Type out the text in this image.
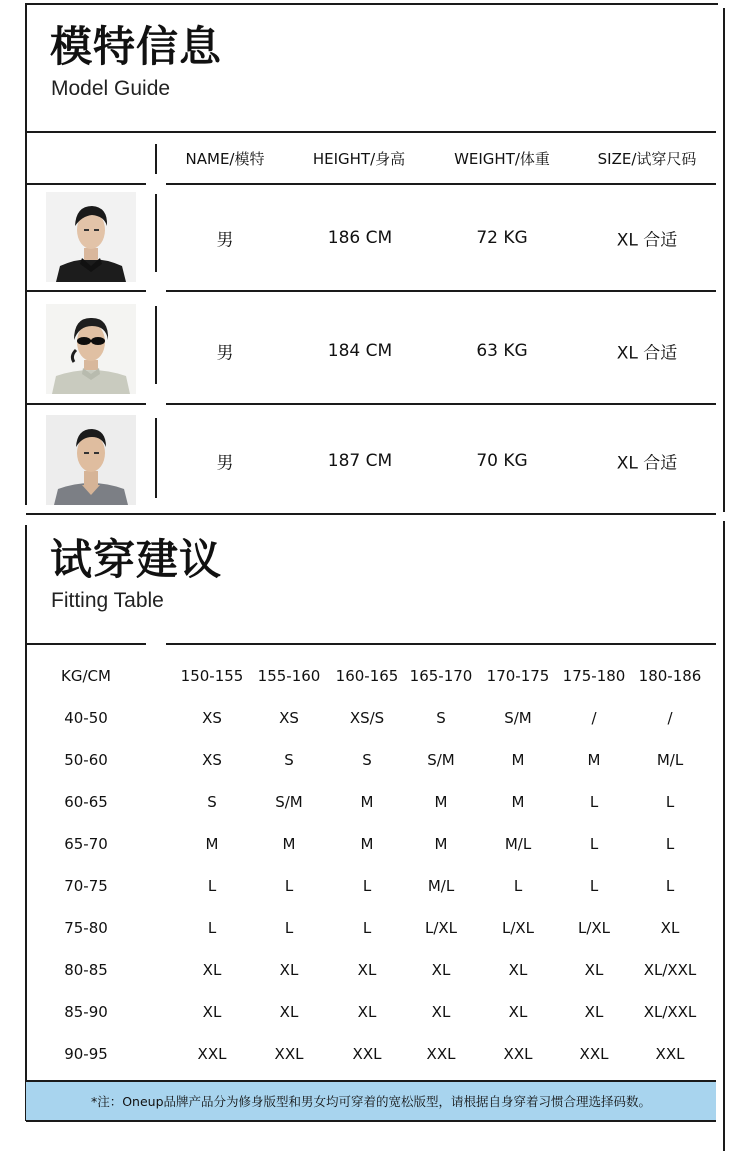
模特信息
Model Guide
NAME/模特	HEIGHT/身高	WEIGHT/体重	SIZE/试穿尺码
男	186 CM	72 KG	XL 合适
男	184 CM	63 KG	XL 合适
男	187 CM	70 KG	XL 合适
试穿建议
Fitting Table
KG/CM	150-155 155-160 160-165 165-170 170-175 175-180 180-186
40-50	XS	XS	XS/S	S	S/M	/	/
50-60	XS	S	S	S/M	M	M	M/L
60-65	S	S/M	M	M	M	L	L
65-70	M	M	M	M	M/L	L	L
70-75	L	L	L	M/L	L	L	L
75-80	L	L	L	L/XL	L/XL	L/XL	XL
80-85	XL	XL	XL	XL	XL	XL	XL/XXL
85-90	XL	XL	XL	XL	XL	XL	XL/XXL
90-95	XXL	XXL	XXL	XXL	XXL	XXL	XXL
*注：Oneup品牌产品分为修身版型和男女均可穿着的宽松版型，请根据自身穿着习惯合理选择码数。
